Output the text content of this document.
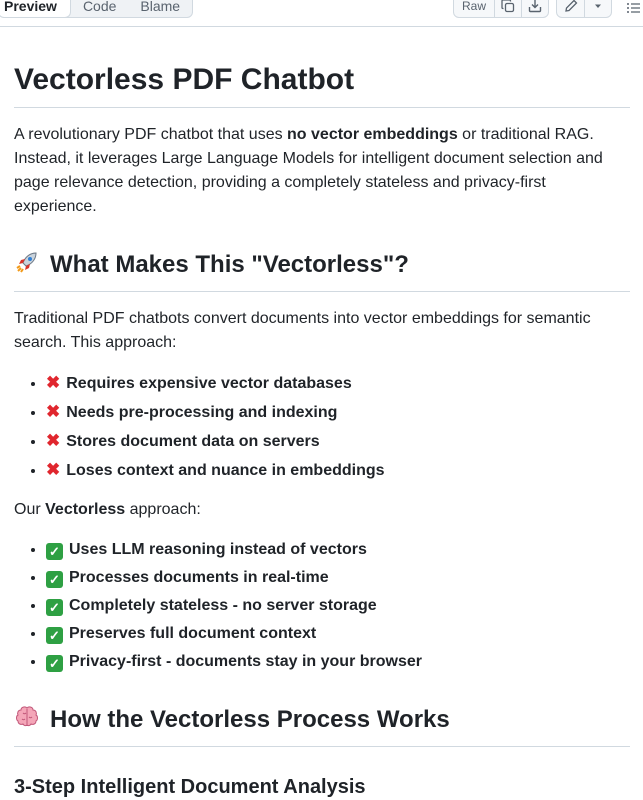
Preview	Code	Blame	Raw
Vectorless PDF Chatbot

A revolutionary PDF chatbot that uses no vector embeddings or traditional RAG. Instead, it leverages Large Language Models for intelligent document selection and page relevance detection, providing a completely stateless and privacy-first experience.

What Makes This "Vectorless"?

Traditional PDF chatbots convert documents into vector embeddings for semantic search. This approach:

• ✖ Requires expensive vector databases
• ✖ Needs pre-processing and indexing
• ✖ Stores document data on servers
• ✖ Loses context and nuance in embeddings

Our Vectorless approach:

• ✓ Uses LLM reasoning instead of vectors
• ✓ Processes documents in real-time
• ✓ Completely stateless - no server storage
• ✓ Preserves full document context
• ✓ Privacy-first - documents stay in your browser
How the Vectorless Process Works
3-Step Intelligent Document Analysis
